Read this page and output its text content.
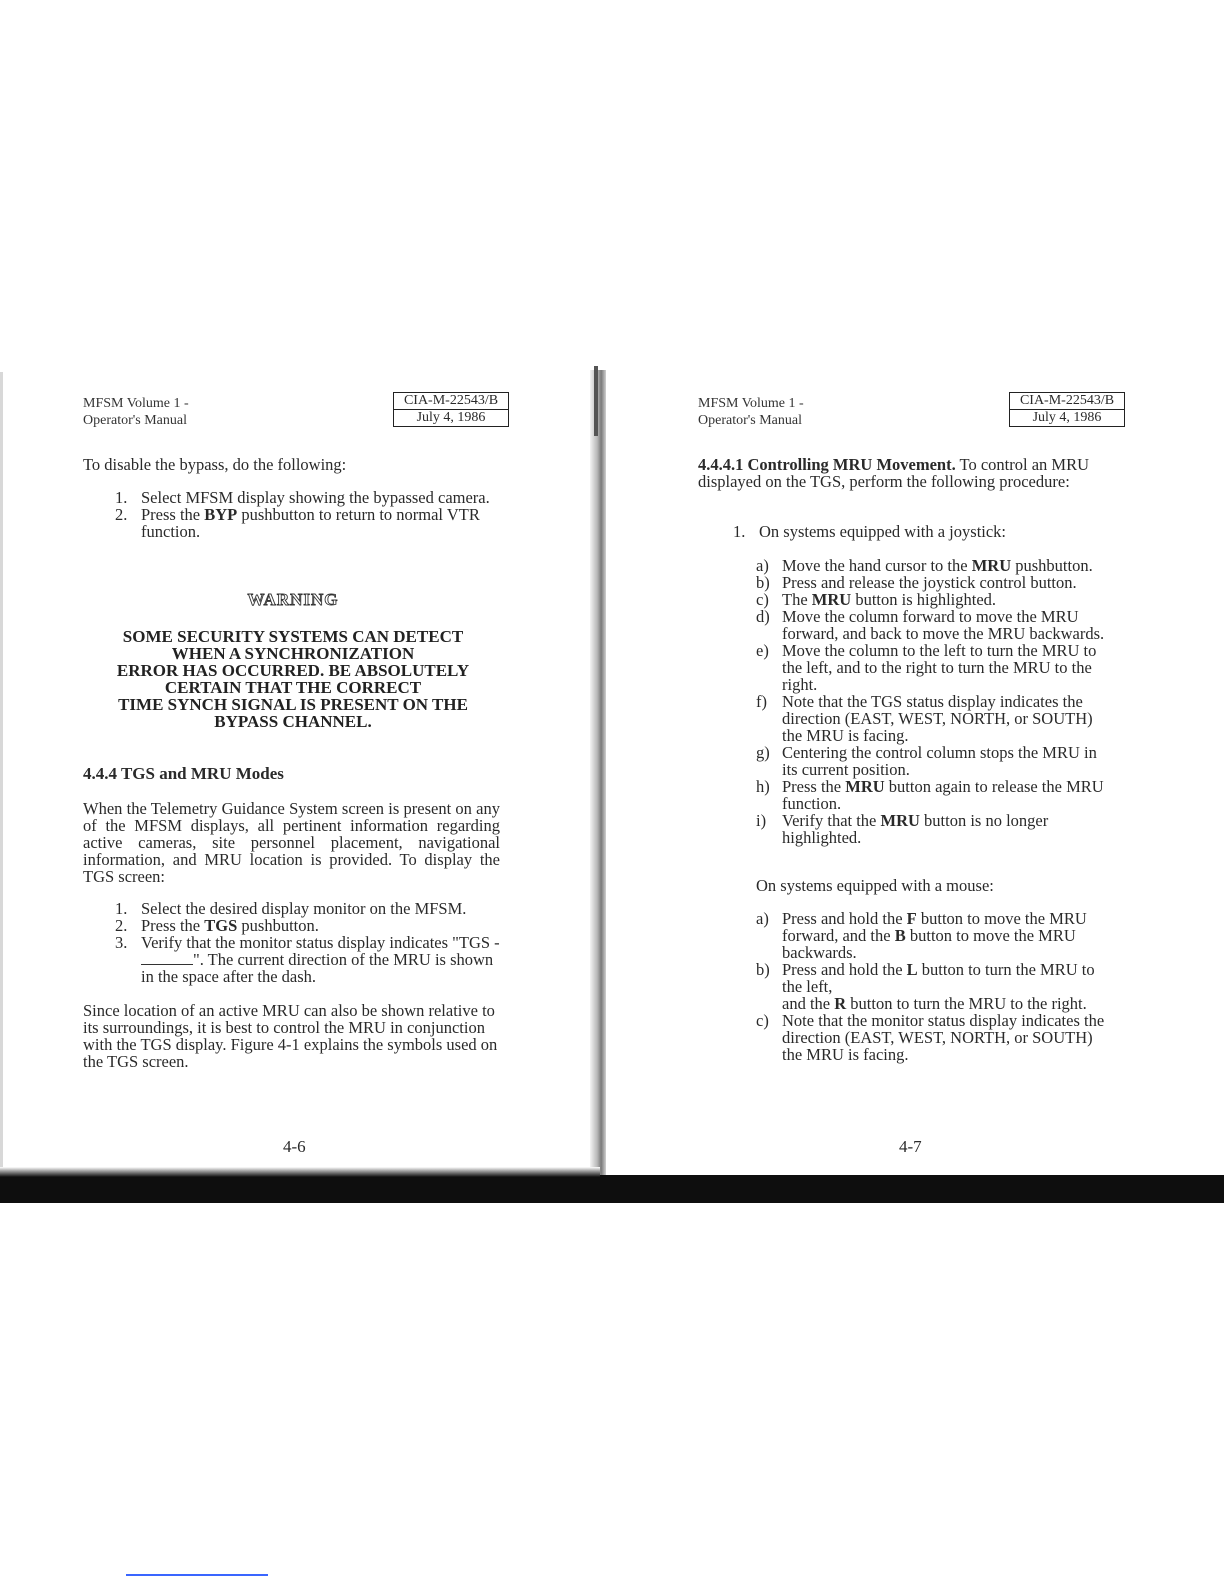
MFSM Volume 1 -
Operator's Manual
CIA-M-22543/B
July 4, 1986
To disable the bypass, do the following:
1. Select MFSM display showing the bypassed camera.
2. Press the BYP pushbutton to return to normal VTR function.
WARNING
SOME SECURITY SYSTEMS CAN DETECT
WHEN A SYNCHRONIZATION
ERROR HAS OCCURRED. BE ABSOLUTELY
CERTAIN THAT THE CORRECT
TIME SYNCH SIGNAL IS PRESENT ON THE
BYPASS CHANNEL.
4.4.4 TGS and MRU Modes
When the Telemetry Guidance System screen is present on any of the MFSM displays, all pertinent information regarding active cameras, site personnel placement, navigational information, and MRU location is provided. To display the TGS screen:
1. Select the desired display monitor on the MFSM.
2. Press the TGS pushbutton.
3. Verify that the monitor status display indicates "TGS - ". The current direction of the MRU is shown in the space after the dash.
Since location of an active MRU can also be shown relative to its surroundings, it is best to control the MRU in conjunction with the TGS display. Figure 4-1 explains the symbols used on the TGS screen.
4-6
MFSM Volume 1 -
Operator's Manual
CIA-M-22543/B
July 4, 1986
4.4.4.1 Controlling MRU Movement. To control an MRU displayed on the TGS, perform the following procedure:
1. On systems equipped with a joystick:
a) Move the hand cursor to the MRU pushbutton.
b) Press and release the joystick control button.
c) The MRU button is highlighted.
d) Move the column forward to move the MRU forward, and back to move the MRU backwards.
e) Move the column to the left to turn the MRU to the left, and to the right to turn the MRU to the right.
f) Note that the TGS status display indicates the direction (EAST, WEST, NORTH, or SOUTH) the MRU is facing.
g) Centering the control column stops the MRU in its current position.
h) Press the MRU button again to release the MRU function.
i) Verify that the MRU button is no longer highlighted.
On systems equipped with a mouse:
a) Press and hold the F button to move the MRU forward, and the B button to move the MRU backwards.
b) Press and hold the L button to turn the MRU to the left,
and the R button to turn the MRU to the right.
c) Note that the monitor status display indicates the direction (EAST, WEST, NORTH, or SOUTH) the MRU is facing.
4-7
